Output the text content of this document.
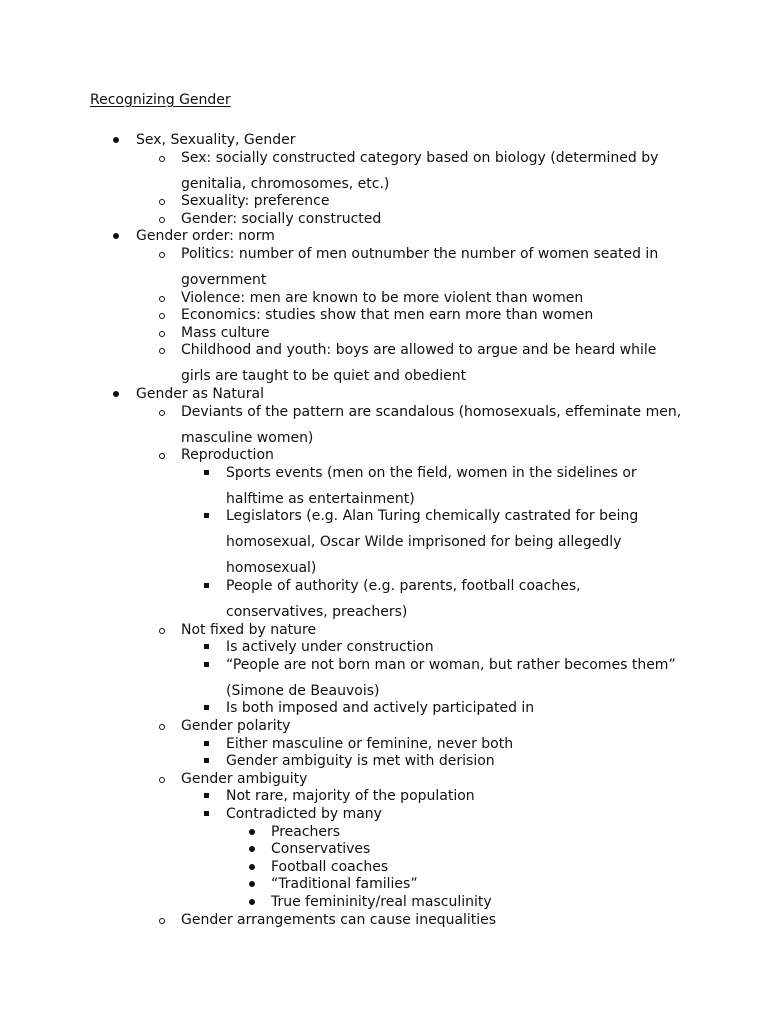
Recognizing Gender
Sex, Sexuality, Gender
Sex: socially constructed category based on biology (determined by
genitalia, chromosomes, etc.)
Sexuality: preference
Gender: socially constructed
Gender order: norm
Politics: number of men outnumber the number of women seated in
government
Violence: men are known to be more violent than women
Economics: studies show that men earn more than women
Mass culture
Childhood and youth: boys are allowed to argue and be heard while
girls are taught to be quiet and obedient
Gender as Natural
Deviants of the pattern are scandalous (homosexuals, effeminate men,
masculine women)
Reproduction
Sports events (men on the field, women in the sidelines or
halftime as entertainment)
Legislators (e.g. Alan Turing chemically castrated for being
homosexual, Oscar Wilde imprisoned for being allegedly
homosexual)
People of authority (e.g. parents, football coaches,
conservatives, preachers)
Not fixed by nature
Is actively under construction
“People are not born man or woman, but rather becomes them”
(Simone de Beauvois)
Is both imposed and actively participated in
Gender polarity
Either masculine or feminine, never both
Gender ambiguity is met with derision
Gender ambiguity
Not rare, majority of the population
Contradicted by many
Preachers
Conservatives
Football coaches
“Traditional families”
True femininity/real masculinity
Gender arrangements can cause inequalities
